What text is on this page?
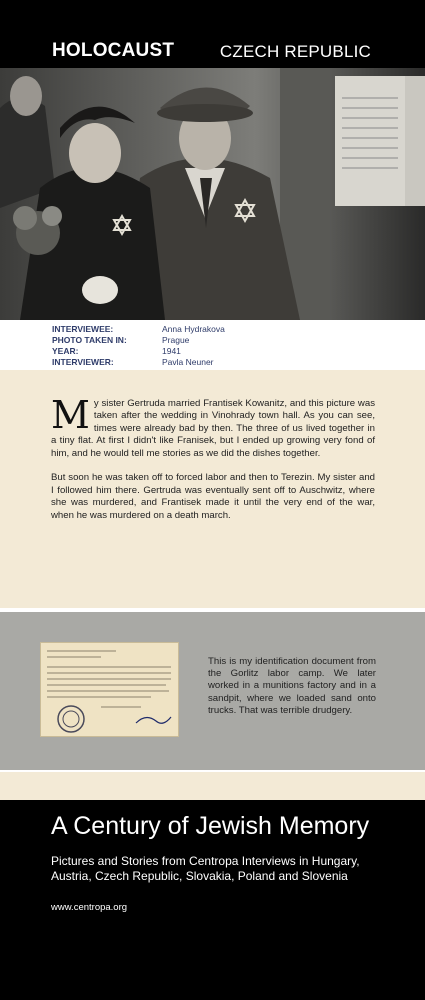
HOLOCAUST	CZECH REPUBLIC
INTERVIEWEE:	Anna Hydrakova
PHOTO TAKEN IN:	Prague
YEAR:	1941
INTERVIEWER:	Pavla Neuner

My sister Gertruda married Frantisek Kowanitz, and this picture was taken after the wedding in Vinohrady town hall. As you can see, times were already bad by then. The three of us lived together in a tiny flat. At first I didn't like Franisek, but I ended up growing very fond of him, and he would tell me stories as we did the dishes together.

But soon he was taken off to forced labor and then to Terezin. My sister and I followed him there. Gertruda was eventually sent off to Auschwitz, where she was murdered, and Frantisek made it until the very end of the war, when he was murdered on a death march.

This is my identification document from the Gorlitz labor camp. We later worked in a munitions factory and in a sandpit, where we loaded sand onto trucks. That was terrible drudgery.
A Century of Jewish Memory
Pictures and Stories from Centropa Interviews in Hungary, Austria, Czech Republic, Slovakia, Poland and Slovenia
www.centropa.org
